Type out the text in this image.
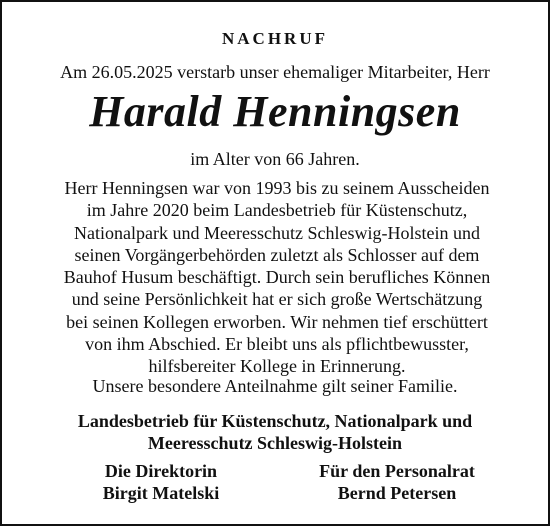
NACHRUF
Am 26.05.2025 verstarb unser ehemaliger Mitarbeiter, Herr
Harald Henningsen
im Alter von 66 Jahren.
Herr Henningsen war von 1993 bis zu seinem Ausscheiden
im Jahre 2020 beim Landesbetrieb für Küstenschutz,
Nationalpark und Meeresschutz Schleswig-Holstein und
seinen Vorgängerbehörden zuletzt als Schlosser auf dem
Bauhof Husum beschäftigt. Durch sein berufliches Können
und seine Persönlichkeit hat er sich große Wertschätzung
bei seinen Kollegen erworben. Wir nehmen tief erschüttert
von ihm Abschied. Er bleibt uns als pflichtbewusster,
hilfsbereiter Kollege in Erinnerung.
Unsere besondere Anteilnahme gilt seiner Familie.
Landesbetrieb für Küstenschutz, Nationalpark und
Meeresschutz Schleswig-Holstein
Die Direktorin
Birgit Matelski
Für den Personalrat
Bernd Petersen
